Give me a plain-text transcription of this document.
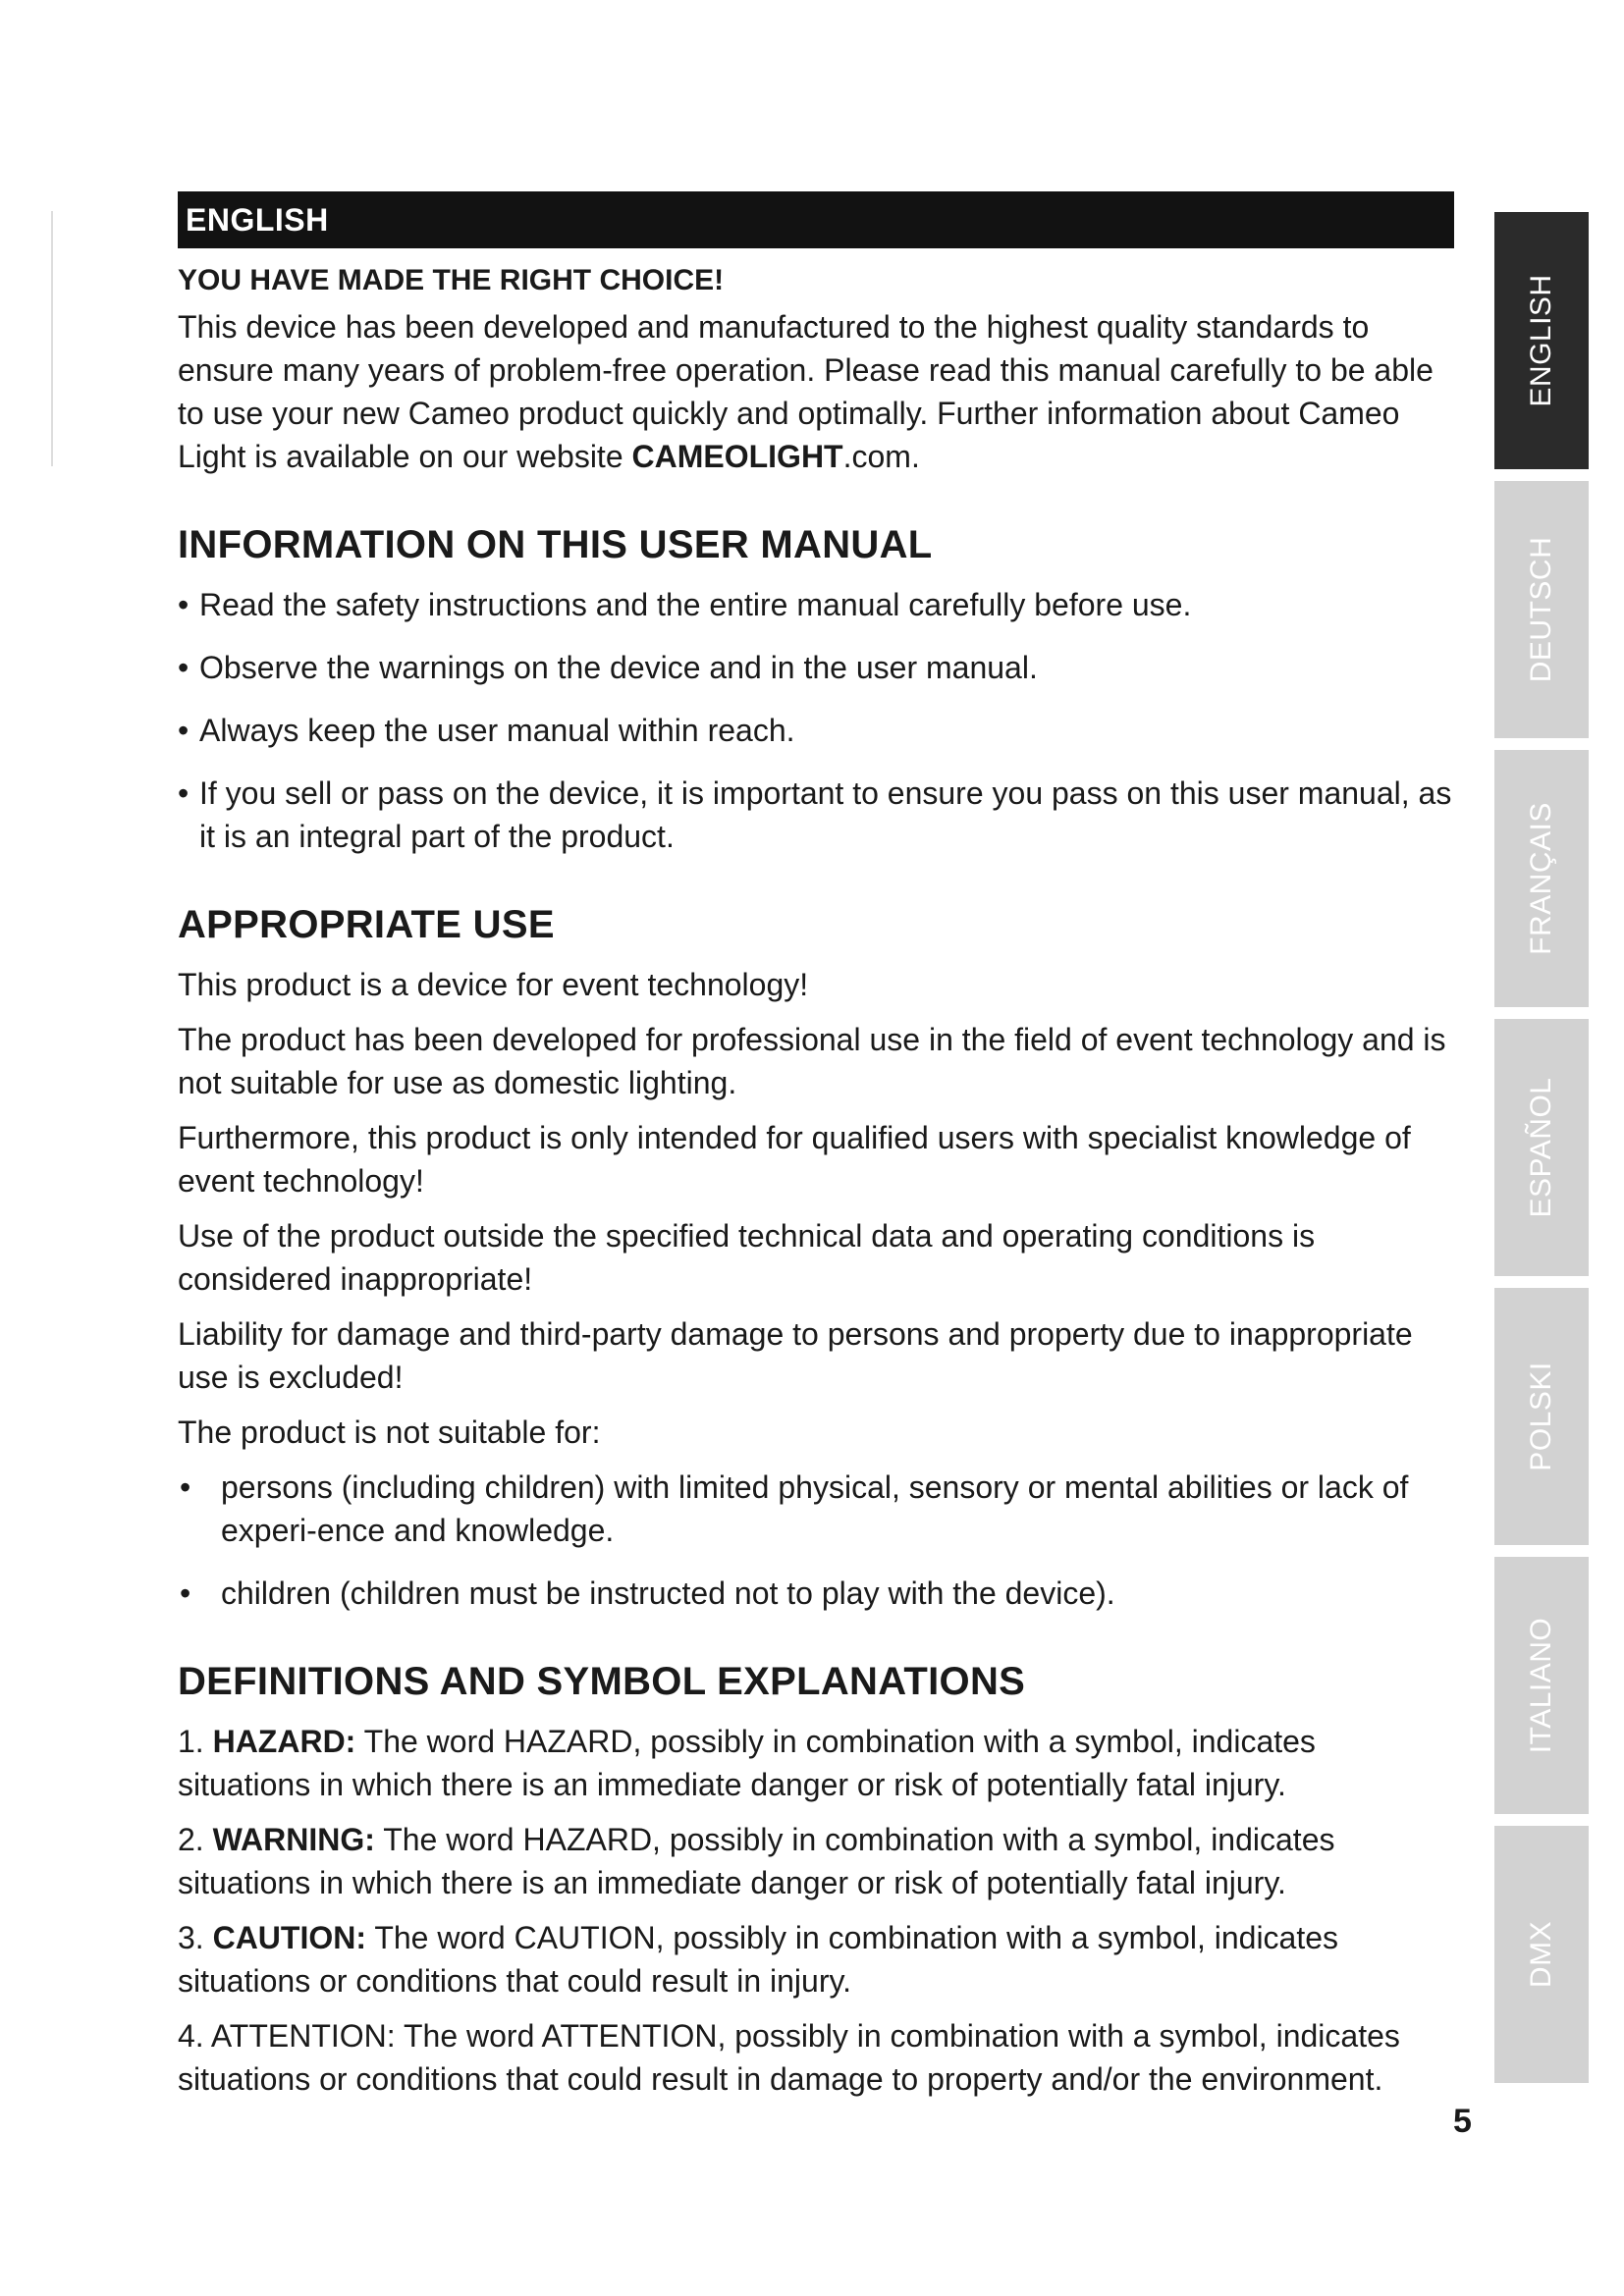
ENGLISH
YOU HAVE MADE THE RIGHT CHOICE!

This device has been developed and manufactured to the highest quality standards to ensure many years of problem-free operation. Please read this manual carefully to be able to use your new Cameo product quickly and optimally. Further information about Cameo Light is available on our website CAMEOLIGHT.com.

INFORMATION ON THIS USER MANUAL
• Read the safety instructions and the entire manual carefully before use.
• Observe the warnings on the device and in the user manual.
• Always keep the user manual within reach.
• If you sell or pass on the device, it is important to ensure you pass on this user manual, as it is an integral part of the product.
APPROPRIATE USE

This product is a device for event technology!

The product has been developed for professional use in the field of event technology and is not suitable for use as domestic lighting.

Furthermore, this product is only intended for qualified users with specialist knowledge of event technology!

Use of the product outside the specified technical data and operating conditions is considered inappropriate!

Liability for damage and third-party damage to persons and property due to inappropriate use is excluded!

The product is not suitable for:

• persons (including children) with limited physical, sensory or mental abilities or lack of experi-ence and knowledge.
• children (children must be instructed not to play with the device).
DEFINITIONS AND SYMBOL EXPLANATIONS
1. HAZARD: The word HAZARD, possibly in combination with a symbol, indicates situations in which there is an immediate danger or risk of potentially fatal injury.
2. WARNING: The word HAZARD, possibly in combination with a symbol, indicates situations in which there is an immediate danger or risk of potentially fatal injury.
3. CAUTION: The word CAUTION, possibly in combination with a symbol, indicates situations or conditions that could result in injury.
4. ATTENTION: The word ATTENTION, possibly in combination with a symbol, indicates situations or conditions that could result in damage to property and/or the environment.
5
ENGLISH
DEUTSCH
FRANÇAIS
ESPAÑOL
POLSKI
ITALIANO
DMX
